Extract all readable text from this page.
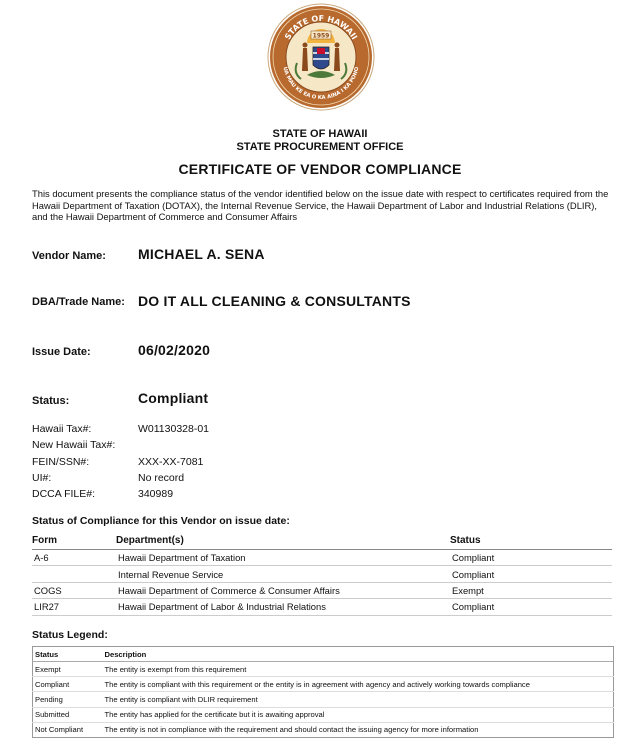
STATE OF HAWAII
UA MAU KE EA O KA AINA I KA PONO
1959
STATE OF HAWAII
STATE PROCUREMENT OFFICE
CERTIFICATE OF VENDOR COMPLIANCE
This document presents the compliance status of the vendor identified below on the issue date with respect to certificates required from the Hawaii Department of Taxation (DOTAX), the Internal Revenue Service, the Hawaii Department of Labor and Industrial Relations (DLIR), and the Hawaii Department of Commerce and Consumer Affairs
Vendor Name: MICHAEL A. SENA
DBA/Trade Name: DO IT ALL CLEANING & CONSULTANTS
Issue Date:	06/02/2020
Status:	Compliant
Hawaii Tax#:	W01130328-01
New Hawaii Tax#:
FEIN/SSN#:	XXX-XX-7081
UI#:	No record
DCCA FILE#:	340989
Status of Compliance for this Vendor on issue date:
Form	Department(s)	Status
A-6	Hawaii Department of Taxation	Compliant
	Internal Revenue Service	Compliant
COGS	Hawaii Department of Commerce & Consumer Affairs	Exempt
LIR27	Hawaii Department of Labor & Industrial Relations	Compliant
Status Legend:
Status	Description
Exempt	The entity is exempt from this requirement
Compliant	The entity is compliant with this requirement or the entity is in agreement with agency and actively working towards compliance
Pending	The entity is compliant with DLIR requirement
Submitted	The entity has applied for the certificate but it is awaiting approval
Not Compliant	The entity is not in compliance with the requirement and should contact the issuing agency for more information
